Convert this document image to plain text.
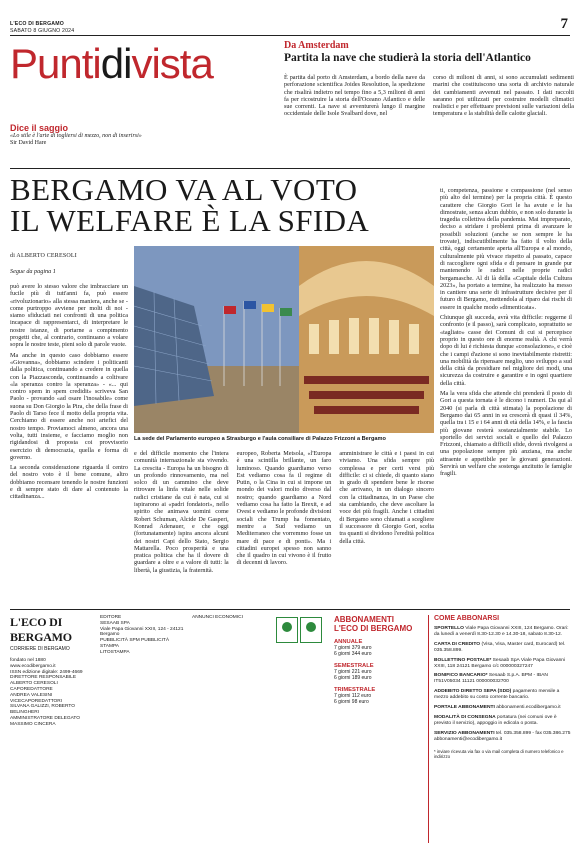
L'ECO DI BERGAMO
SABATO 8 GIUGNO 2024	7
Puntidivista
Dice il saggio
«Lo stile è l'arte di togliersi di mezzo, non di inserirsi»
Sir David Hare
Da Amsterdam
Partita la nave che studierà la storia dell'Atlantico

È partita dal porto di Amsterdam, a bordo della nave da perforazione scientifica Joides Resolution, la spedizione che risalirà indietro nel tempo fino a 5,3 milioni di anni fa per ricostruire la storia dell'Oceano Atlantico e delle sue correnti. La nave si avventurerà lungo il margine occidentale delle Isole Svalbard dove, nel

corso di milioni di anni, si sono accumulati sedimenti marini che costituiscono una sorta di archivio naturale dei cambiamenti avvenuti nel passato. I dati raccolti saranno poi utilizzati per costruire modelli climatici realistici e per effettuare previsioni sulle variazioni della temperatura e la stabilità delle calotte glaciali.

BERGAMO VA AL VOTO
IL WELFARE È LA SFIDA
di ALBERTO CERESOLI
Segue da pagina 1

può avere lo stesso valore che imbracciare un fucile più di tutt'anni fa, può essere «rivoluzionario» alla stessa maniera, anche se - come purtroppo avviene per molti di noi - siamo sfiduciati nei confronti di una politica incapace di rappresentarci, di interpretare le nostre istanze, di portarne a compimento progetti che, al contrario, continuano a volare sopra le nostre teste, pieni solo di parole vuote.

Ma anche in questo caso dobbiamo essere «Giovanna», dobbiamo scindere i politicanti dalla politica, continuando a credere in quella con la Piazzasconda, continuando a coltivare «la speranza contro la speranza» - «... qui contro spem in spem credidit» scriveva San Paolo - provando «ad osare l'inosabile» come suona su Don Giorgio la Pira, che della frase di Paolo di Tarso fece il motto della propria vita. Cerchiamo di essere anche noi artefici del nostro tempo. Proviamoci almeno, ancora una volta, tutti insieme, e facciamo moglio non rigidandosi di proposta coi provvisorio esercizio di democrazia, quella e forma di governo.

La seconda considerazione riguarda il centro del nostro voto è il bene comune, altro dobbiamo recensare tenendo le nostre funzioni e di sempre stato di dare al contenuto la cittadinanza...

La sede del Parlamento europeo a Strasburgo e l'aula consiliare di Palazzo Frizzoni a Bergamo

ti, competenza, passione e compassione (nel senso più alto del termine) per la propria città. È questo carattere che Giorgio Gori le ha avute e le ha dimostrate, senza alcun dubbio, e non solo durante la tragedia collettiva della pandemia. Mai impreparato, deciso a stridare i problemi prima di avanzare le possibili soluzioni (anche se non sempre le ha trovate), indiscutibilmente ha fatto il volto della città, oggi certamente aperta all'Europa e al mondo, culturalmente più vivace rispetto al passato, capace di raccogliere ogni sfida e di pensare in grande pur mantenendo le radici nelle proprie radici bergamasche. Al di là della «Capitale della Cultura 2023», ha portato a termine, ha realizzato ha messo in cantiere una serie di infrastrutture decisive per il futuro di Bergamo, mettendola al riparo dai rischi di essere in qualche modo «dimenticata».

Chiunque gli succeda, avrà vita difficile: reggerne il confronto (e il passo), sarà complicato, soprattutto se «tagliato» casse dei Comuni di cui si percepisce proprio in questo ore di enorme realtà. A chi verrà dopo di lui è richiesta dunque «consolazione», e cioè che i campi d'azione si sono inevitabilmente ristretti: una mobilità da ripensare meglio, uno sviluppo a sud della città da presidiare nel migliore dei modi, una sicurezza da costruire e garantire e in ogni quartiere della città.

Ma la vera sfida che attende chi prenderà il posto di Gori a questa tornata è le dicono i numeri. Da qui al 2040 (si parla di città stimata) la popolazione di Bergamo dai 65 anni in su crescerà di quasi il 34%, quella tra i 15 e i 64 anni di età della 14%, e la fascia più giovane resterà sostanzialmente stabile. Lo sportello dei servizi sociali e quello del Palazzo Frizzoni, chiamato a difficili sfide, dovrà rivolgersi a una popolazione sempre più anziana, ma anche attraente e appetibile per le giovani generazioni. Servirà un welfare che sostenga anzitutto le famiglie fragili.

e del difficile momento che l'intera comunità internazionale sta vivendo. La crescita - Europa ha un bisogno di un profondo rinnovamento, ma nel solco di un cammino che deve ritrovare la linfa vitale nelle solide radici cristiane da cui è nata, cui si ispirarono ai «padri fondatori», nello spirito che animava uomini come Robert Schuman, Alcide De Gasperi, Konrad Adenauer, e che oggi (fortunatamente) ispira ancora alcuni dei nostri Capi dello Stato, Sergio Mattarella. Poco prosperità e una pratica politica che ha il dovere di guardare a oltre e a valore di tutti: la libertà, la giustizia, la fraternità.

europeo, Roberta Metsola, «l'Europa è una scintilla brillante, un faro luminoso. Quando guardiamo verso Est vediamo cosa fa il regime di Putin, o la Cina in cui si impone un mondo dei valori molto diverso dal nostro; quando guardiamo a Nord vediamo cosa ha fatto la Brexit, e ad Ovest e vediamo le profonde divisioni sociali che Trump ha fomentato, mentre a Sud vediamo un Mediterraneo che vorremmo fosse un mare di pace e di ponti». Ma i cittadini europei spesso non sanno che il quadro in cui vivono è il frutto di decenni di lavoro.

amministrare le città e i paesi in cui viviamo. Una sfida sempre più complessa e per certi versi più difficile: ci si chiede, di quanto siano in grado di spendere bene le risorse che arrivano, in un dialogo sincero con la cittadinanza, in un Paese che sta cambiando, che deve ascoltare la voce dei più fragili. Anche i cittadini di Bergamo sono chiamati a scegliere il successore di Giorgio Gori, scelta tra quanti si dividono l'eredità politica della città.

L'ECO DI BERGAMO
CORRIERE DI BERGAMO
fondato nel 1880
www.ecodibergamo.it
ISSN edizione digitale: 2499-4669
DIRETTORE RESPONSABILE
ALBERTO CERESOLI
CAPOREDATTORE
ANDREA VALESINI
VICECAPOREDATTORI
SILVANA GALIZZI, ROBERTO BELINGHERI
AMMINISTRATORE DELEGATO
MASSIMO CINCERA
EDITORE
SESAAB SPA
Viale Papa Giovanni XXIII, 124 - 24121 Bergamo
PUBBLICITÀ SPM PUBBLICITÀ
STAMPA
LITOSTAMPA
ANNUNCI ECONOMICI	ABBONAMENTI
L'ECO DI BERGAMO
ANNUALE
7 giorni 379 euro
6 giorni 344 euro
SEMESTRALE
7 giorni 221 euro
6 giorni 189 euro
TRIMESTRALE
7 giorni 112 euro
6 giorni 98 euro
COME ABBONARSI
SPORTELLO Viale Papa Giovanni XXIII, 124 Bergamo. Orari: da lunedì a venerdì 8.30-12.30 e 14.30-18, sabato 8.30-12.
CARTA DI CREDITO (Visa, Visa, Master card, Eurocard) tel. 035.358.899.
BOLLETTINO POSTALE* Sesaab SpA Viale Papa Giovanni XXIII, 118 24121 Bergamo c/c 000000327247
BONIFICO BANCARIO* Sesaab S.p.A. BPM - IBAN IT51V05034 11121 000000032700
ADDEBITO DIRETTO SEPA (SDD) pagamento mensile a mezzo addebito su conto corrente bancario.
PORTALE ABBONAMENTI abbonamenti.ecodibergamo.it
MODALITÀ DI CONSEGNA portatura (nei comuni ove è previsto il servizio), appoggio in edicola o posta.
SERVIZIO ABBONAMENTI tel. 035.358.899 - fax 035.386.275 abbonamenti@ecodibergamo.it
* inviare ricevuta via fax o via mail completa di numero telefonico e indirizzo
